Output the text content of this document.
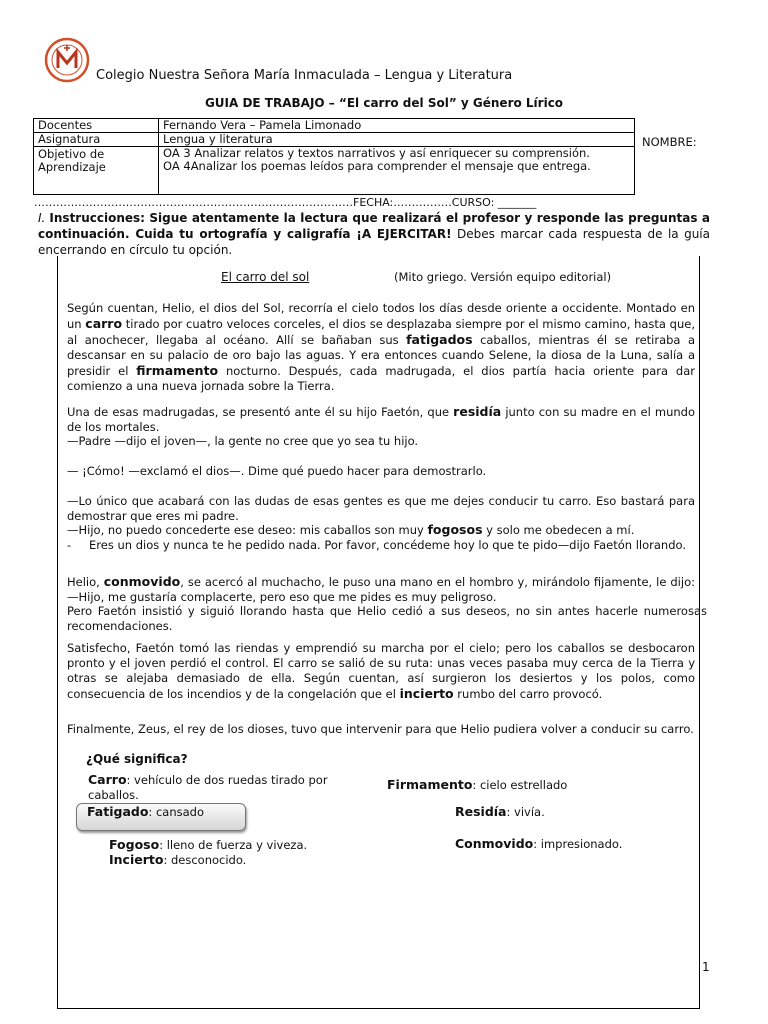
Colegio Nuestra Señora María Inmaculada – Lengua y Literatura
GUIA DE TRABAJO – “El carro del Sol” y Género Lírico
Docentes	Fernando Vera – Pamela Limonado
Asignatura	Lengua y literatura
Objetivo de Aprendizaje	OA 3 Analizar relatos y textos narrativos y así enriquecer su comprensión.
OA 4Analizar los poemas leídos para comprender el mensaje que entrega.
NOMBRE:
……………………………………………………………………………FECHA:…………….CURSO: _______
I. Instrucciones: Sigue atentamente la lectura que realizará el profesor y responde las preguntas a continuación. Cuida tu ortografía y caligrafía ¡A EJERCITAR! Debes marcar cada respuesta de la guía encerrando en círculo tu opción.
El carro del sol	(Mito griego. Versión equipo editorial)
Según cuentan, Helio, el dios del Sol, recorría el cielo todos los días desde oriente a occidente. Montado en un carro tirado por cuatro veloces corceles, el dios se desplazaba siempre por el mismo camino, hasta que, al anochecer, llegaba al océano. Allí se bañaban sus fatigados caballos, mientras él se retiraba a descansar en su palacio de oro bajo las aguas. Y era entonces cuando Selene, la diosa de la Luna, salía a presidir el firmamento nocturno. Después, cada madrugada, el dios partía hacia oriente para dar comienzo a una nueva jornada sobre la Tierra.
Una de esas madrugadas, se presentó ante él su hijo Faetón, que residía junto con su madre en el mundo de los mortales.
—Padre —dijo el joven—, la gente no cree que yo sea tu hijo.
— ¡Cómo! —exclamó el dios—. Dime qué puedo hacer para demostrarlo.
—Lo único que acabará con las dudas de esas gentes es que me dejes conducir tu carro. Eso bastará para demostrar que eres mi padre.
—Hijo, no puedo concederte ese deseo: mis caballos son muy fogosos y solo me obedecen a mí.
- Eres un dios y nunca te he pedido nada. Por favor, concédeme hoy lo que te pido—dijo Faetón llorando.
Helio, conmovido, se acercó al muchacho, le puso una mano en el hombro y, mirándolo fijamente, le dijo: —Hijo, me gustaría complacerte, pero eso que me pides es muy peligroso.
Pero Faetón insistió y siguió llorando hasta que Helio cedió a sus deseos, no sin antes hacerle numerosas recomendaciones.
Satisfecho, Faetón tomó las riendas y emprendió su marcha por el cielo; pero los caballos se desbocaron pronto y el joven perdió el control. El carro se salió de su ruta: unas veces pasaba muy cerca de la Tierra y otras se alejaba demasiado de ella. Según cuentan, así surgieron los desiertos y los polos, como consecuencia de los incendios y de la congelación que el incierto rumbo del carro provocó.
Finalmente, Zeus, el rey de los dioses, tuvo que intervenir para que Helio pudiera volver a conducir su carro.
¿Qué significa?
Carro: vehículo de dos ruedas tirado por caballos.
Firmamento: cielo estrellado
Fatigado: cansado	Residía: vivía.
Fogoso: lleno de fuerza y viveza.	Conmovido: impresionado.
Incierto: desconocido.
1
